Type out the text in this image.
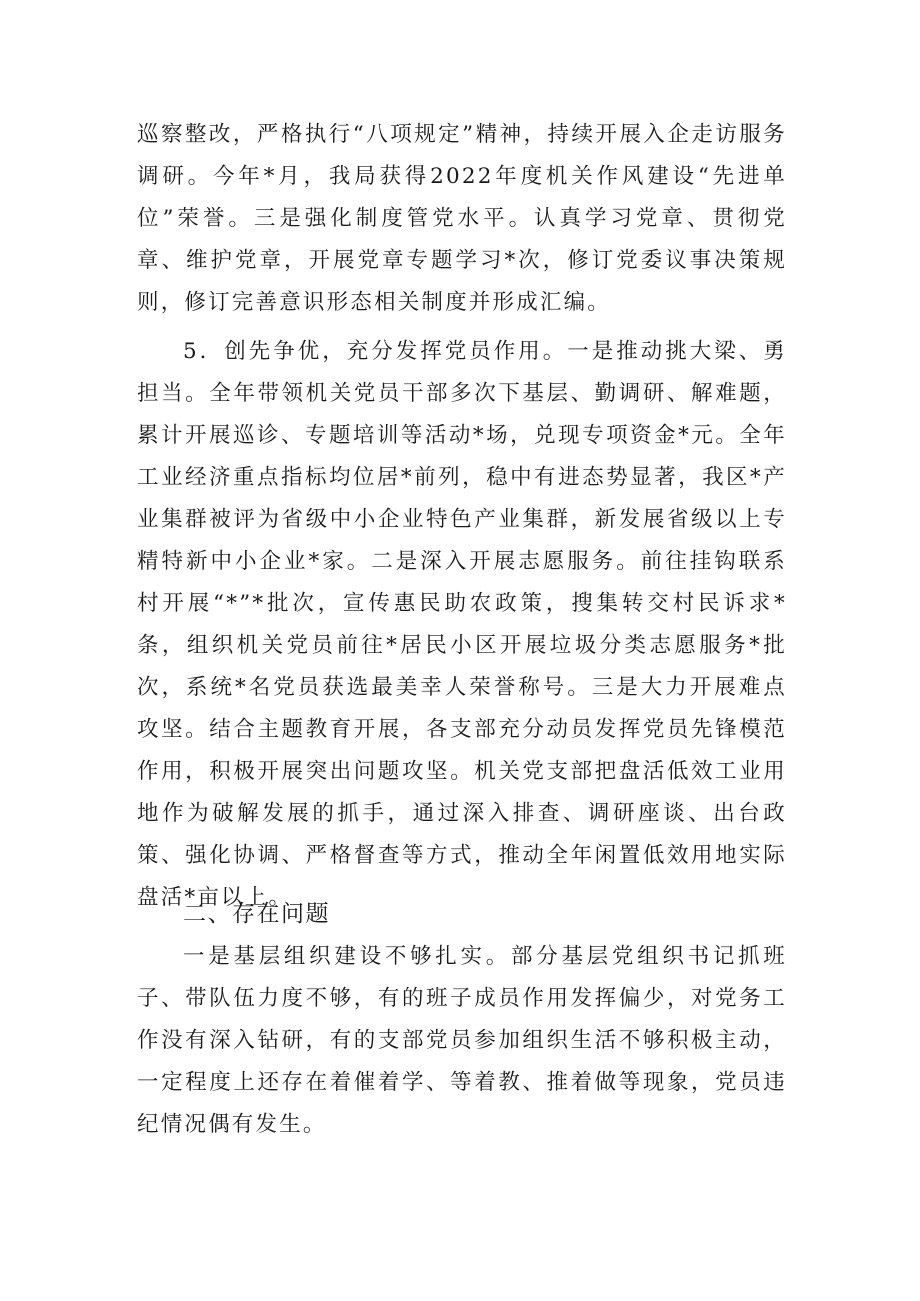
巡察整改，严格执行“八项规定”精神，持续开展入企走访服务调研。今年*月，我局获得2022年度机关作风建设“先进单位”荣誉。三是强化制度管党水平。认真学习党章、贯彻党章、维护党章，开展党章专题学习*次，修订党委议事决策规则，修订完善意识形态相关制度并形成汇编。

5．创先争优，充分发挥党员作用。一是推动挑大梁、勇担当。全年带领机关党员干部多次下基层、勤调研、解难题，累计开展巡诊、专题培训等活动*场，兑现专项资金*元。全年工业经济重点指标均位居*前列，稳中有进态势显著，我区*产业集群被评为省级中小企业特色产业集群，新发展省级以上专精特新中小企业*家。二是深入开展志愿服务。前往挂钩联系村开展“*”*批次，宣传惠民助农政策，搜集转交村民诉求*条，组织机关党员前往*居民小区开展垃圾分类志愿服务*批次，系统*名党员获选最美幸人荣誉称号。三是大力开展难点攻坚。结合主题教育开展，各支部充分动员发挥党员先锋模范作用，积极开展突出问题攻坚。机关党支部把盘活低效工业用地作为破解发展的抓手，通过深入排查、调研座谈、出台政策、强化协调、严格督查等方式，推动全年闲置低效用地实际盘活*亩以上。

二、存在问题

一是基层组织建设不够扎实。部分基层党组织书记抓班子、带队伍力度不够，有的班子成员作用发挥偏少，对党务工作没有深入钻研，有的支部党员参加组织生活不够积极主动，一定程度上还存在着催着学、等着教、推着做等现象，党员违纪情况偶有发生。
